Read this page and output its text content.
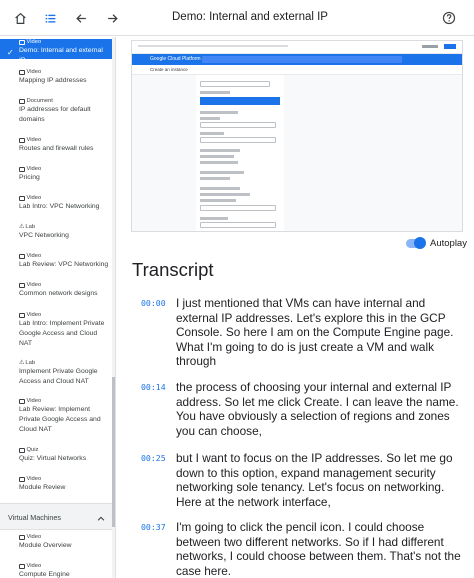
Demo: Internal and external IP
✓
Video
Demo: Internal and external IP
Video
Mapping IP addresses
Document
IP addresses for default domains
Video
Routes and firewall rules
Video
Pricing
Video
Lab Intro: VPC Networking
⚠ Lab
VPC Networking
Video
Lab Review: VPC Networking
Video
Common network designs
Video
Lab Intro: Implement Private Google Access and Cloud NAT
⚠ Lab
Implement Private Google Access and Cloud NAT
Video
Lab Review: Implement Private Google Access and Cloud NAT
Quiz
Quiz: Virtual Networks
Video
Module Review
Virtual Machines
Video
Module Overview
Video
Compute Engine
Google Cloud Platform
Create an instance
Autoplay
Transcript
00:00 I just mentioned that VMs can have internal and external IP addresses. Let's explore this in the GCP Console. So here I am on the Compute Engine page. What I'm going to do is just create a VM and walk through
00:14 the process of choosing your internal and external IP address. So let me click Create. I can leave the name. You have obviously a selection of regions and zones you can choose,
00:25 but I want to focus on the IP addresses. So let me go down to this option, expand management security networking sole tenancy. Let's focus on networking. Here at the network interface,
00:37 I'm going to click the pencil icon. I could choose between two different networks. So if I had different networks, I could choose between them. That's not the case here.
